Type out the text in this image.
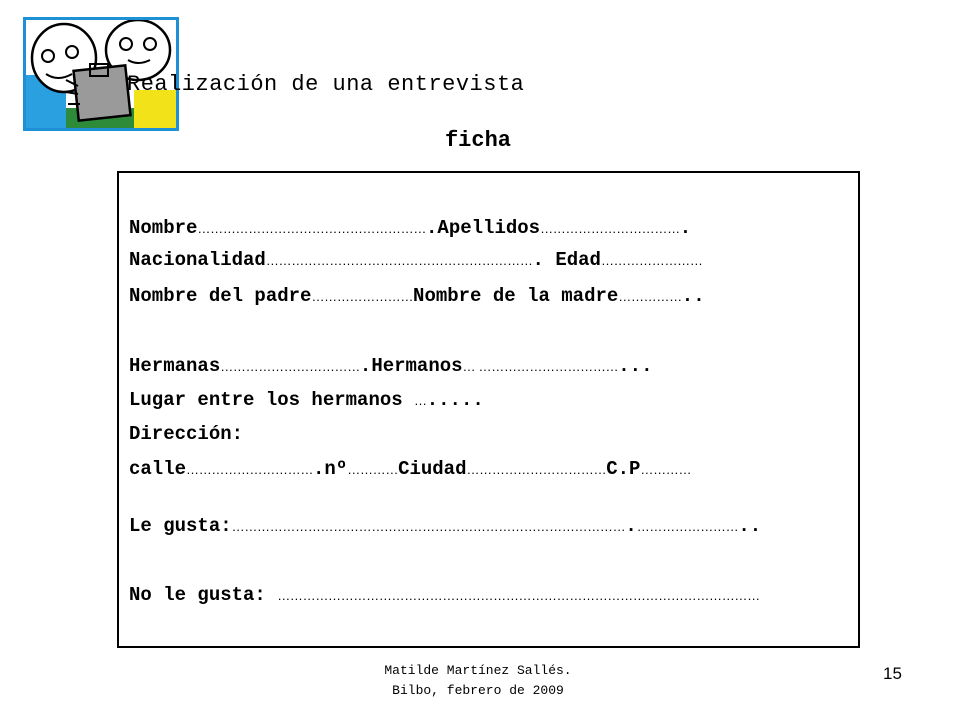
Realización de una entrevista
ficha
Nombre……………………………………………….Apellidos…………………………….
Nacionalidad………………………………………………………. Edad……………………
Nombre del padre……………………Nombre de la madre……………..
Hermanas…………………………….Hermanos… ……………………………...
Lugar entre los hermanos ….....
Dirección:
calle………………………….nº…………Ciudad……………………………C.P…………
Le gusta:………………………………………………………………………………….……………………..
No le gusta: ……………………………………………………………………………………………………
Matilde Martínez Sallés.
Bilbo, febrero de 2009
15
